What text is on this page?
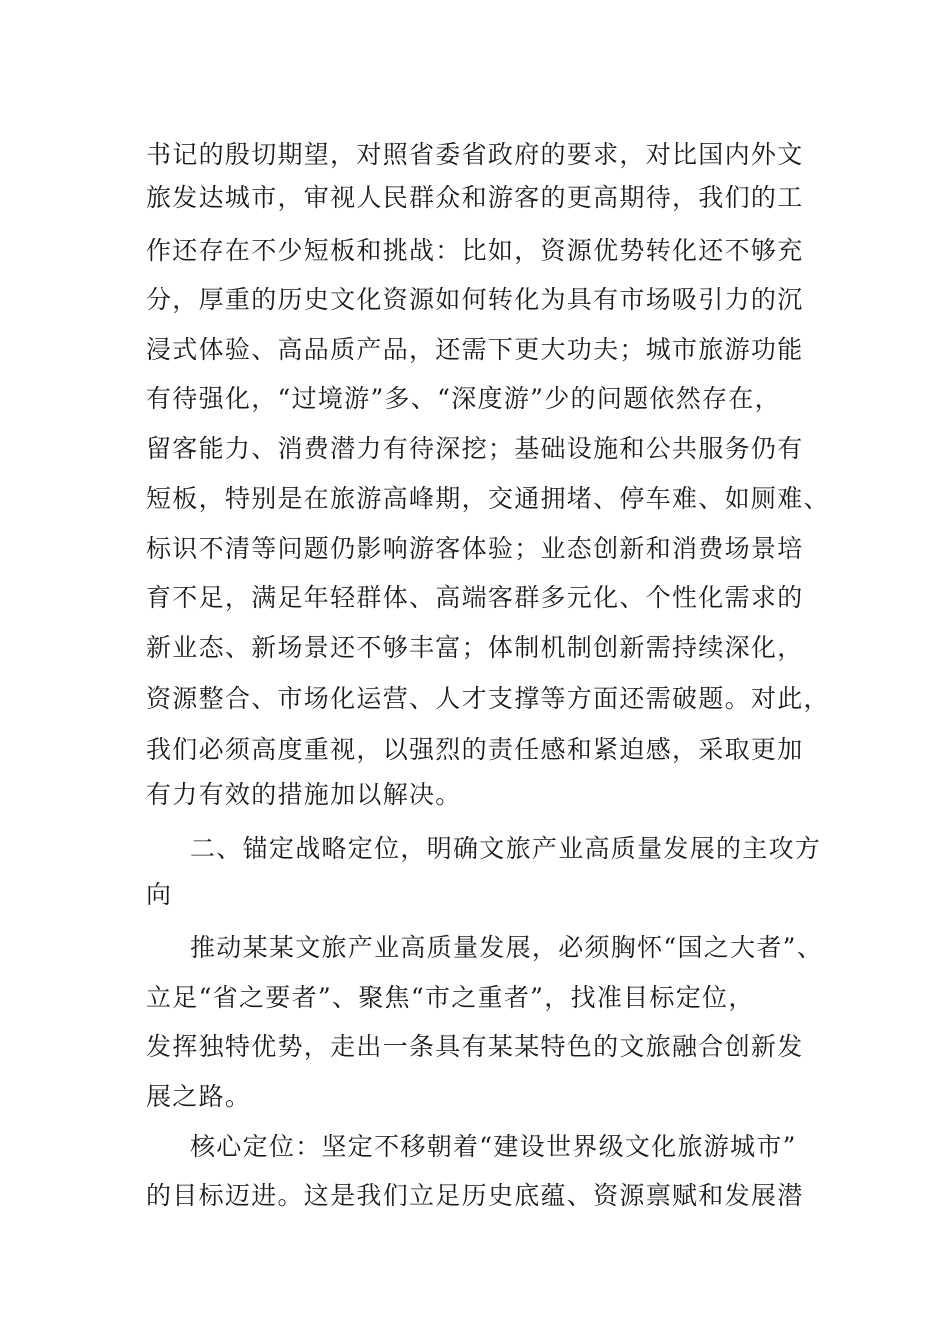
书记的殷切期望，对照省委省政府的要求，对比国内外文
旅发达城市，审视人民群众和游客的更高期待，我们的工
作还存在不少短板和挑战：比如，资源优势转化还不够充
分，厚重的历史文化资源如何转化为具有市场吸引力的沉
浸式体验、高品质产品，还需下更大功夫；城市旅游功能
有待强化，“过境游”多、“深度游”少的问题依然存在，
留客能力、消费潜力有待深挖；基础设施和公共服务仍有
短板，特别是在旅游高峰期，交通拥堵、停车难、如厕难、
标识不清等问题仍影响游客体验；业态创新和消费场景培
育不足，满足年轻群体、高端客群多元化、个性化需求的
新业态、新场景还不够丰富；体制机制创新需持续深化，
资源整合、市场化运营、人才支撑等方面还需破题。对此，
我们必须高度重视，以强烈的责任感和紧迫感，采取更加
有力有效的措施加以解决。
二、锚定战略定位，明确文旅产业高质量发展的主攻方
向
推动某某文旅产业高质量发展，必须胸怀“国之大者”、
立足“省之要者”、聚焦“市之重者”，找准目标定位，
发挥独特优势，走出一条具有某某特色的文旅融合创新发
展之路。
核心定位：坚定不移朝着“建设世界级文化旅游城市”
的目标迈进。这是我们立足历史底蕴、资源禀赋和发展潜
